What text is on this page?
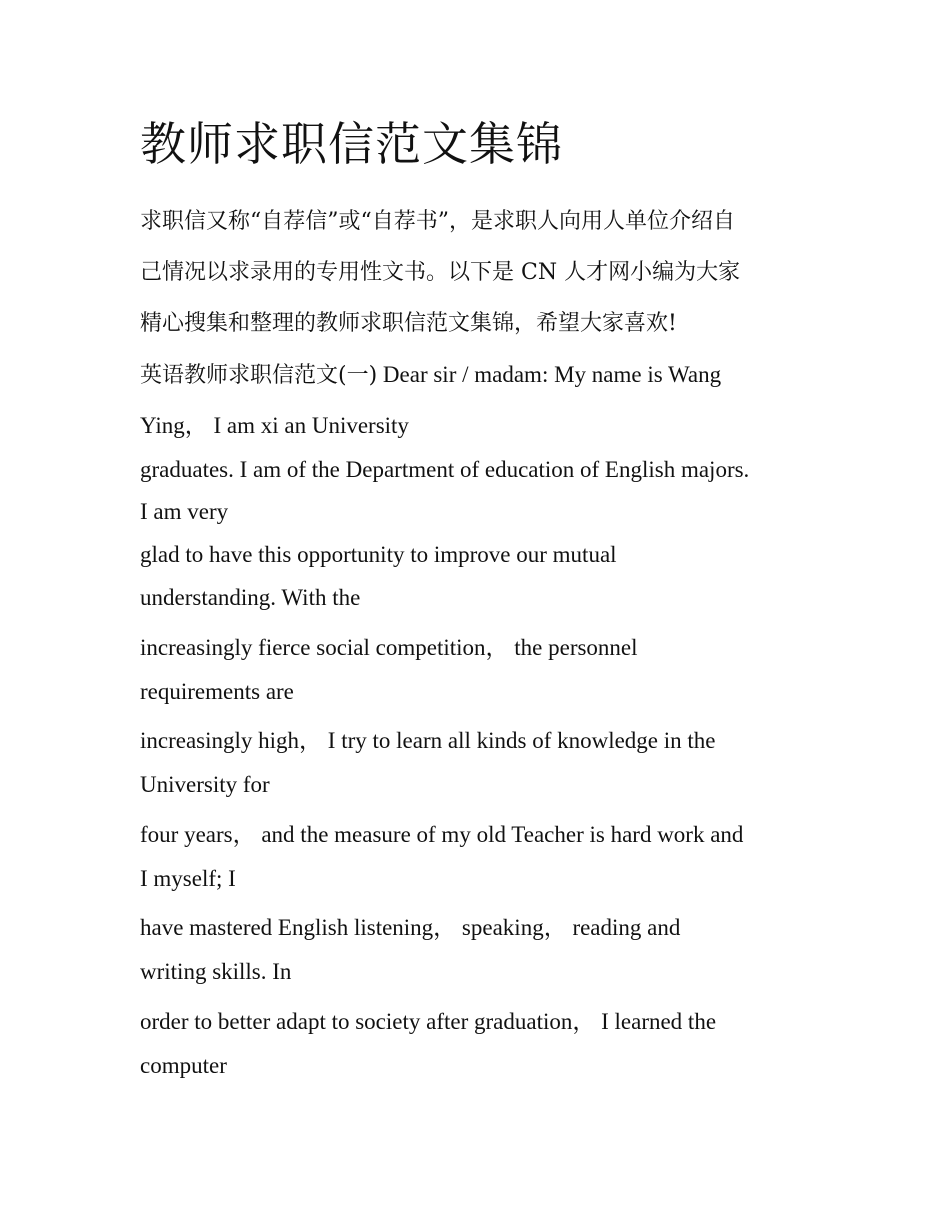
教师求职信范文集锦

求职信又称“自荐信”或“自荐书”，是求职人向用人单位介绍自

己情况以求录用的专用性文书。以下是 CN 人才网小编为大家

精心搜集和整理的教师求职信范文集锦，希望大家喜欢!

英语教师求职信范文(一) Dear sir / madam: My name is Wang

Ying， I am xi an University

graduates. I am of the Department of education of English majors.

I am very

glad to have this opportunity to improve our mutual

understanding. With the

increasingly fierce social competition， the personnel

requirements are

increasingly high， I try to learn all kinds of knowledge in the

University for

four years， and the measure of my old Teacher is hard work and

I myself; I

have mastered English listening， speaking， reading and

writing skills. In

order to better adapt to society after graduation， I learned the

computer
